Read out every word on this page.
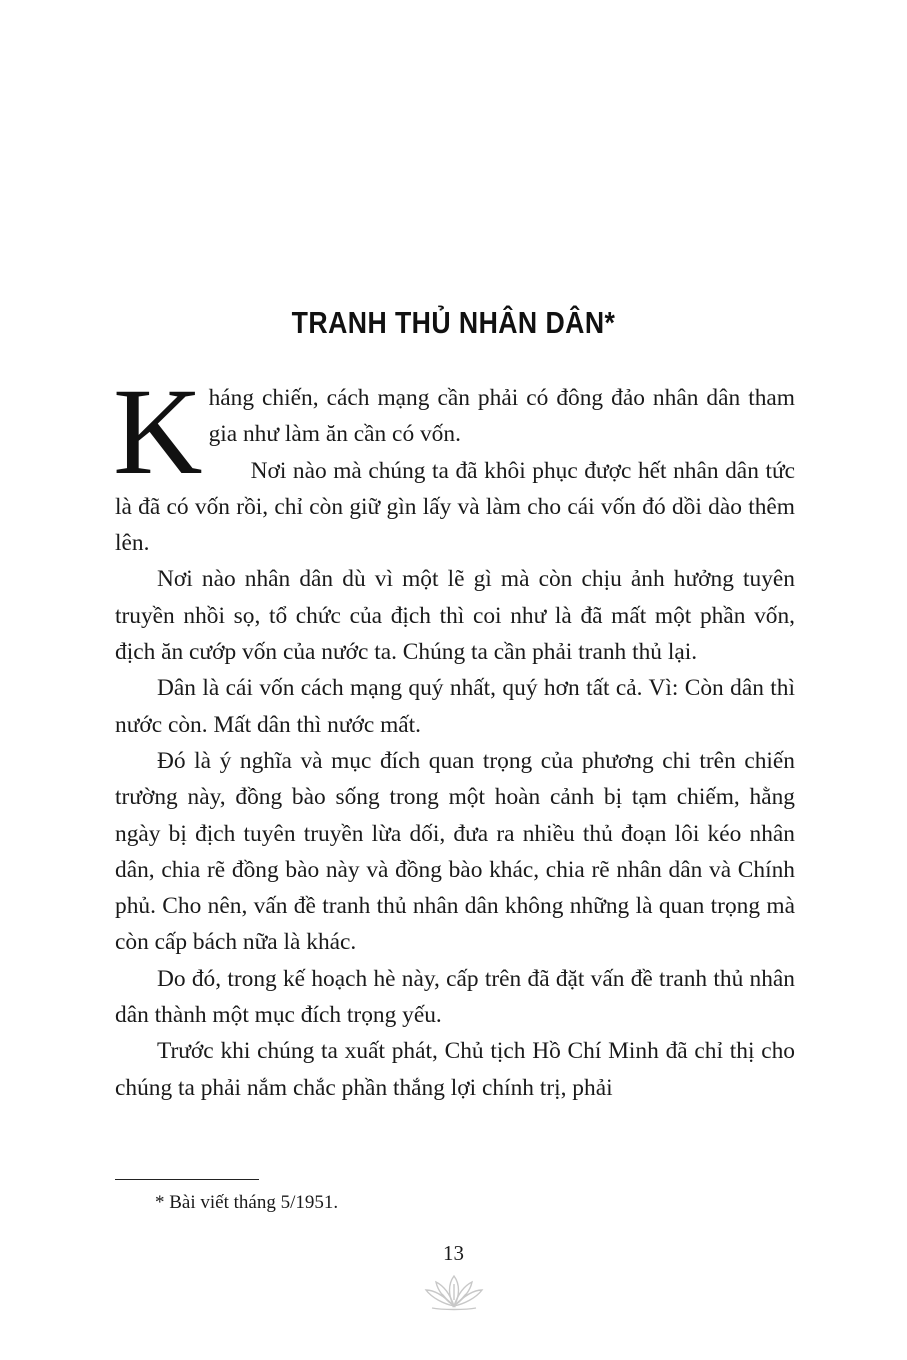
TRANH THỦ NHÂN DÂN*

Kháng chiến, cách mạng cần phải có đông đảo nhân dân tham gia như làm ăn cần có vốn.

Nơi nào mà chúng ta đã khôi phục được hết nhân dân tức là đã có vốn rồi, chỉ còn giữ gìn lấy và làm cho cái vốn đó dồi dào thêm lên.

Nơi nào nhân dân dù vì một lẽ gì mà còn chịu ảnh hưởng tuyên truyền nhồi sọ, tổ chức của địch thì coi như là đã mất một phần vốn, địch ăn cướp vốn của nước ta. Chúng ta cần phải tranh thủ lại.

Dân là cái vốn cách mạng quý nhất, quý hơn tất cả. Vì: Còn dân thì nước còn. Mất dân thì nước mất.

Đó là ý nghĩa và mục đích quan trọng của phương chi trên chiến trường này, đồng bào sống trong một hoàn cảnh bị tạm chiếm, hằng ngày bị địch tuyên truyền lừa dối, đưa ra nhiều thủ đoạn lôi kéo nhân dân, chia rẽ đồng bào này và đồng bào khác, chia rẽ nhân dân và Chính phủ. Cho nên, vấn đề tranh thủ nhân dân không những là quan trọng mà còn cấp bách nữa là khác.

Do đó, trong kế hoạch hè này, cấp trên đã đặt vấn đề tranh thủ nhân dân thành một mục đích trọng yếu.

Trước khi chúng ta xuất phát, Chủ tịch Hồ Chí Minh đã chỉ thị cho chúng ta phải nắm chắc phần thắng lợi chính trị, phải

* Bài viết tháng 5/1951.
13
